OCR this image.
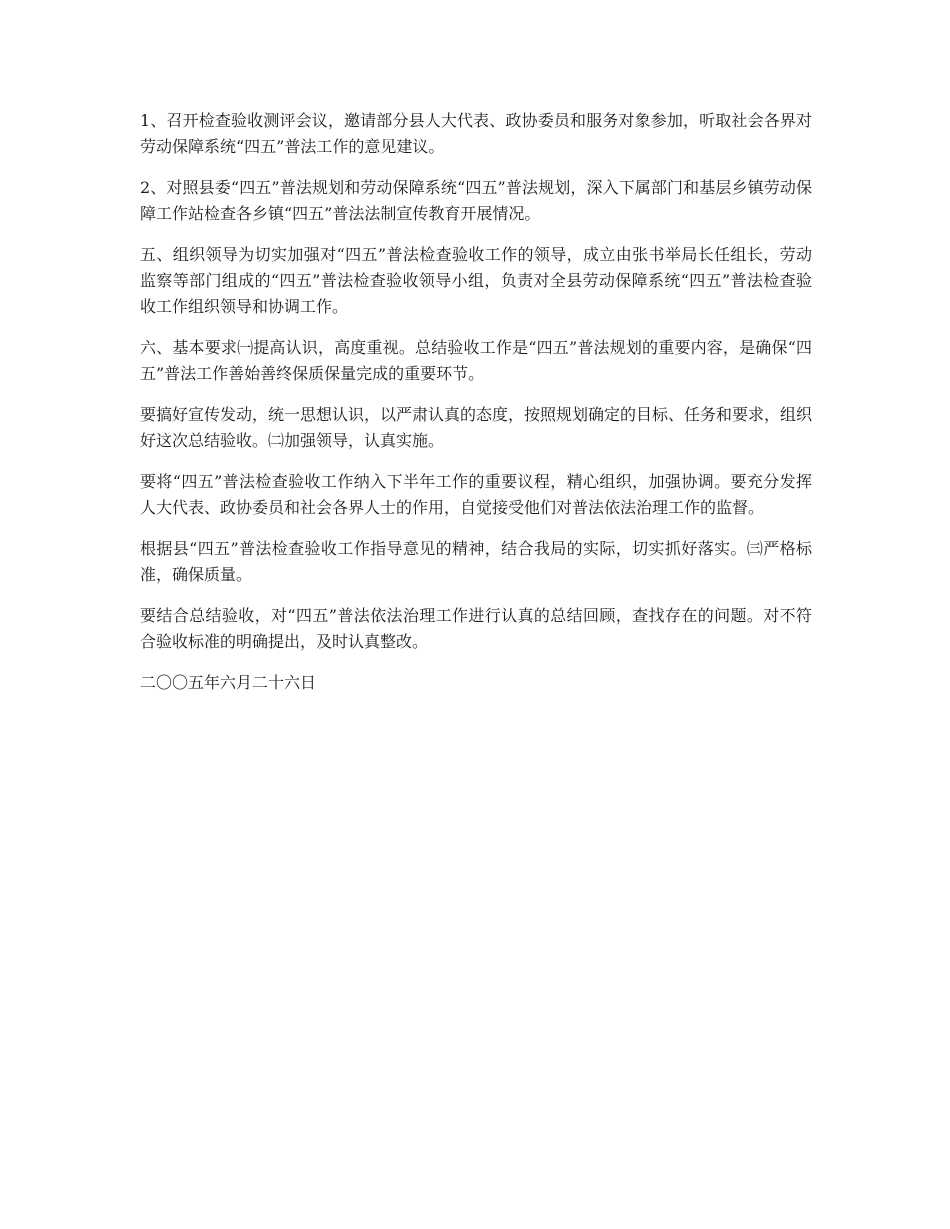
1、召开检查验收测评会议，邀请部分县人大代表、政协委员和服务对象参加，听取社会各界对劳动保障系统“四五”普法工作的意见建议。

2、对照县委“四五”普法规划和劳动保障系统“四五”普法规划，深入下属部门和基层乡镇劳动保障工作站检查各乡镇“四五”普法法制宣传教育开展情况。

五、组织领导为切实加强对“四五”普法检查验收工作的领导，成立由张书举局长任组长，劳动监察等部门组成的“四五”普法检查验收领导小组，负责对全县劳动保障系统“四五”普法检查验收工作组织领导和协调工作。

六、基本要求㈠提高认识，高度重视。总结验收工作是“四五”普法规划的重要内容，是确保“四五”普法工作善始善终保质保量完成的重要环节。

要搞好宣传发动，统一思想认识，以严肃认真的态度，按照规划确定的目标、任务和要求，组织好这次总结验收。㈡加强领导，认真实施。

要将“四五”普法检查验收工作纳入下半年工作的重要议程，精心组织，加强协调。要充分发挥人大代表、政协委员和社会各界人士的作用，自觉接受他们对普法依法治理工作的监督。

根据县“四五”普法检查验收工作指导意见的精神，结合我局的实际，切实抓好落实。㈢严格标准，确保质量。

要结合总结验收，对“四五”普法依法治理工作进行认真的总结回顾，查找存在的问题。对不符合验收标准的明确提出，及时认真整改。

二〇〇五年六月二十六日
